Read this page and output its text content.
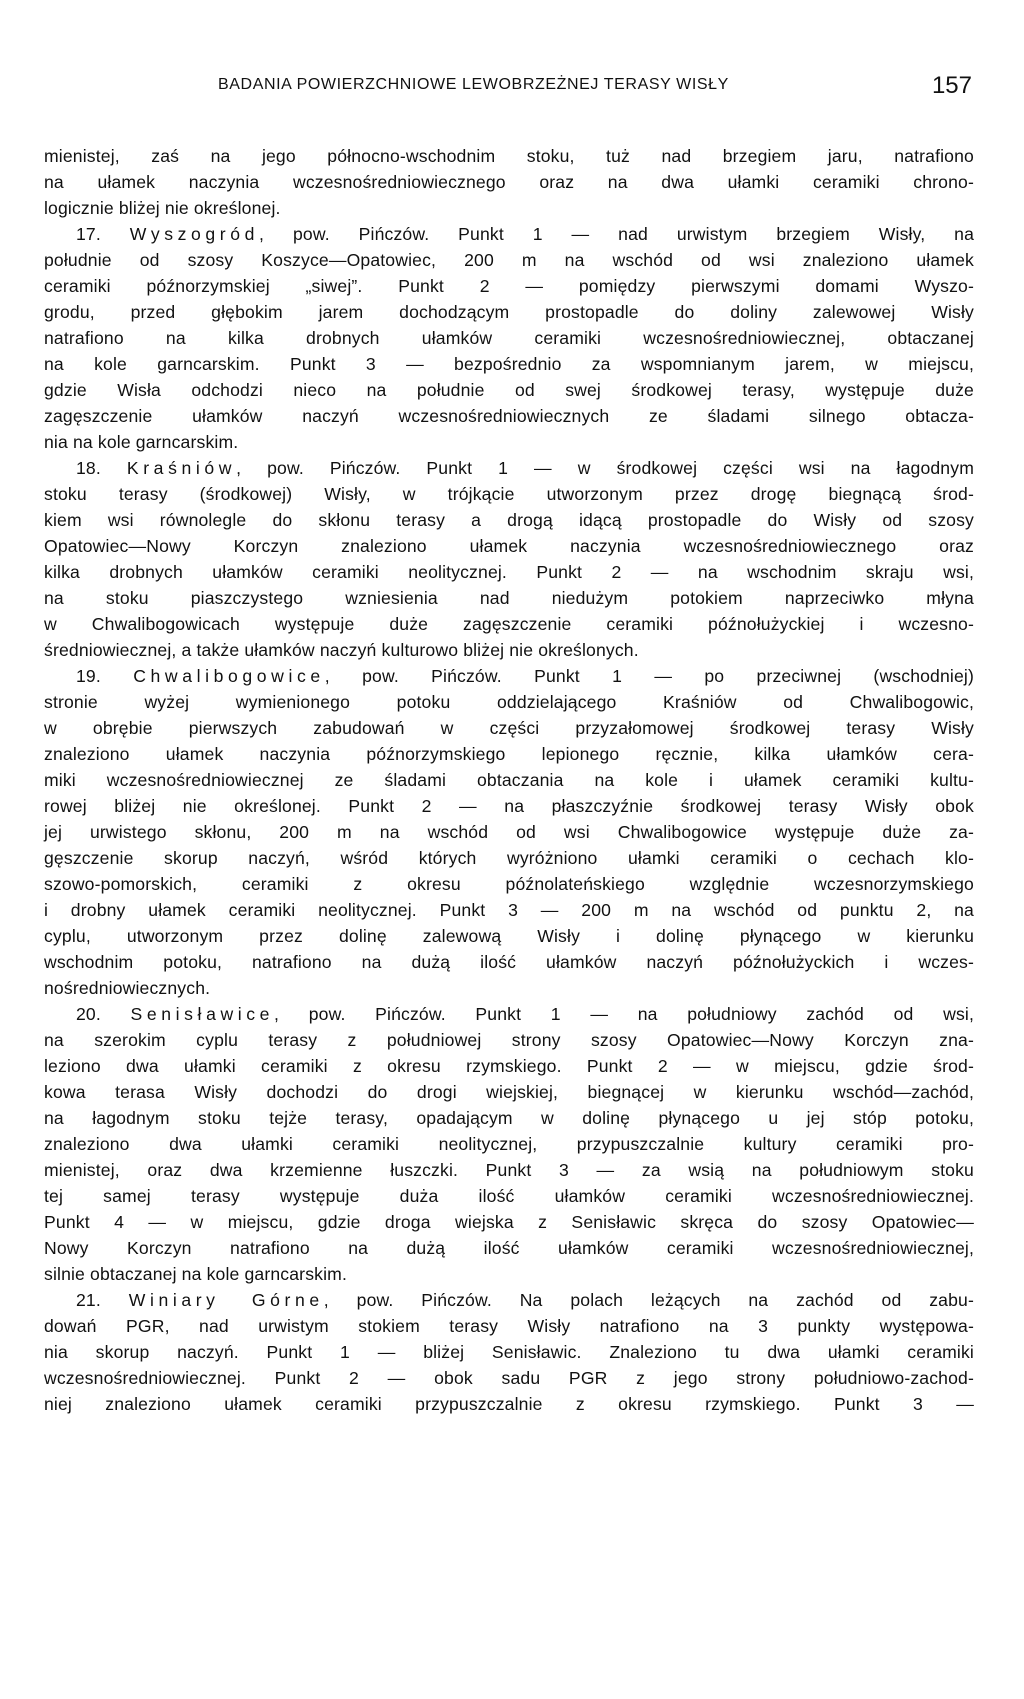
BADANIA POWIERZCHNIOWE LEWOBRZEŻNEJ TERASY WISŁY	157
mienistej, zaś na jego północno-wschodnim stoku, tuż nad brzegiem jaru, natrafiono
na ułamek naczynia wczesnośredniowiecznego oraz na dwa ułamki ceramiki chrono-
logicznie bliżej nie określonej.
17. Wyszogród, pow. Pińczów. Punkt 1 — nad urwistym brzegiem Wisły, na
południe od szosy Koszyce—Opatowiec, 200 m na wschód od wsi znaleziono ułamek
ceramiki późnorzymskiej „siwej”. Punkt 2 — pomiędzy pierwszymi domami Wyszo-
grodu, przed głębokim jarem dochodzącym prostopadle do doliny zalewowej Wisły
natrafiono na kilka drobnych ułamków ceramiki wczesnośredniowiecznej, obtaczanej
na kole garncarskim. Punkt 3 — bezpośrednio za wspomnianym jarem, w miejscu,
gdzie Wisła odchodzi nieco na południe od swej środkowej terasy, występuje duże
zagęszczenie ułamków naczyń wczesnośredniowiecznych ze śladami silnego obtacza-
nia na kole garncarskim.
18. Kraśniów, pow. Pińczów. Punkt 1 — w środkowej części wsi na łagodnym
stoku terasy (środkowej) Wisły, w trójkącie utworzonym przez drogę biegnącą środ-
kiem wsi równolegle do skłonu terasy a drogą idącą prostopadle do Wisły od szosy
Opatowiec—Nowy Korczyn znaleziono ułamek naczynia wczesnośredniowiecznego oraz
kilka drobnych ułamków ceramiki neolitycznej. Punkt 2 — na wschodnim skraju wsi,
na stoku piaszczystego wzniesienia nad niedużym potokiem naprzeciwko młyna
w Chwalibogowicach występuje duże zagęszczenie ceramiki późnołużyckiej i wczesno-
średniowiecznej, a także ułamków naczyń kulturowo bliżej nie określonych.
19. Chwalibogowice, pow. Pińczów. Punkt 1 — po przeciwnej (wschodniej)
stronie wyżej wymienionego potoku oddzielającego Kraśniów od Chwalibogowic,
w obrębie pierwszych zabudowań w części przyzałomowej środkowej terasy Wisły
znaleziono ułamek naczynia późnorzymskiego lepionego ręcznie, kilka ułamków cera-
miki wczesnośredniowiecznej ze śladami obtaczania na kole i ułamek ceramiki kultu-
rowej bliżej nie określonej. Punkt 2 — na płaszczyźnie środkowej terasy Wisły obok
jej urwistego skłonu, 200 m na wschód od wsi Chwalibogowice występuje duże za-
gęszczenie skorup naczyń, wśród których wyróżniono ułamki ceramiki o cechach klo-
szowo-pomorskich, ceramiki z okresu późnolateńskiego względnie wczesnorzymskiego
i drobny ułamek ceramiki neolitycznej. Punkt 3 — 200 m na wschód od punktu 2, na
cyplu, utworzonym przez dolinę zalewową Wisły i dolinę płynącego w kierunku
wschodnim potoku, natrafiono na dużą ilość ułamków naczyń późnołużyckich i wczes-
nośredniowiecznych.
20. Senisławice, pow. Pińczów. Punkt 1 — na południowy zachód od wsi,
na szerokim cyplu terasy z południowej strony szosy Opatowiec—Nowy Korczyn zna-
leziono dwa ułamki ceramiki z okresu rzymskiego. Punkt 2 — w miejscu, gdzie środ-
kowa terasa Wisły dochodzi do drogi wiejskiej, biegnącej w kierunku wschód—zachód,
na łagodnym stoku tejże terasy, opadającym w dolinę płynącego u jej stóp potoku,
znaleziono dwa ułamki ceramiki neolitycznej, przypuszczalnie kultury ceramiki pro-
mienistej, oraz dwa krzemienne łuszczki. Punkt 3 — za wsią na południowym stoku
tej samej terasy występuje duża ilość ułamków ceramiki wczesnośredniowiecznej.
Punkt 4 — w miejscu, gdzie droga wiejska z Senisławic skręca do szosy Opatowiec—
Nowy Korczyn natrafiono na dużą ilość ułamków ceramiki wczesnośredniowiecznej,
silnie obtaczanej na kole garncarskim.
21. Winiary Górne, pow. Pińczów. Na polach leżących na zachód od zabu-
dowań PGR, nad urwistym stokiem terasy Wisły natrafiono na 3 punkty występowa-
nia skorup naczyń. Punkt 1 — bliżej Senisławic. Znaleziono tu dwa ułamki ceramiki
wczesnośredniowiecznej. Punkt 2 — obok sadu PGR z jego strony południowo-zachod-
niej znaleziono ułamek ceramiki przypuszczalnie z okresu rzymskiego. Punkt 3 —
